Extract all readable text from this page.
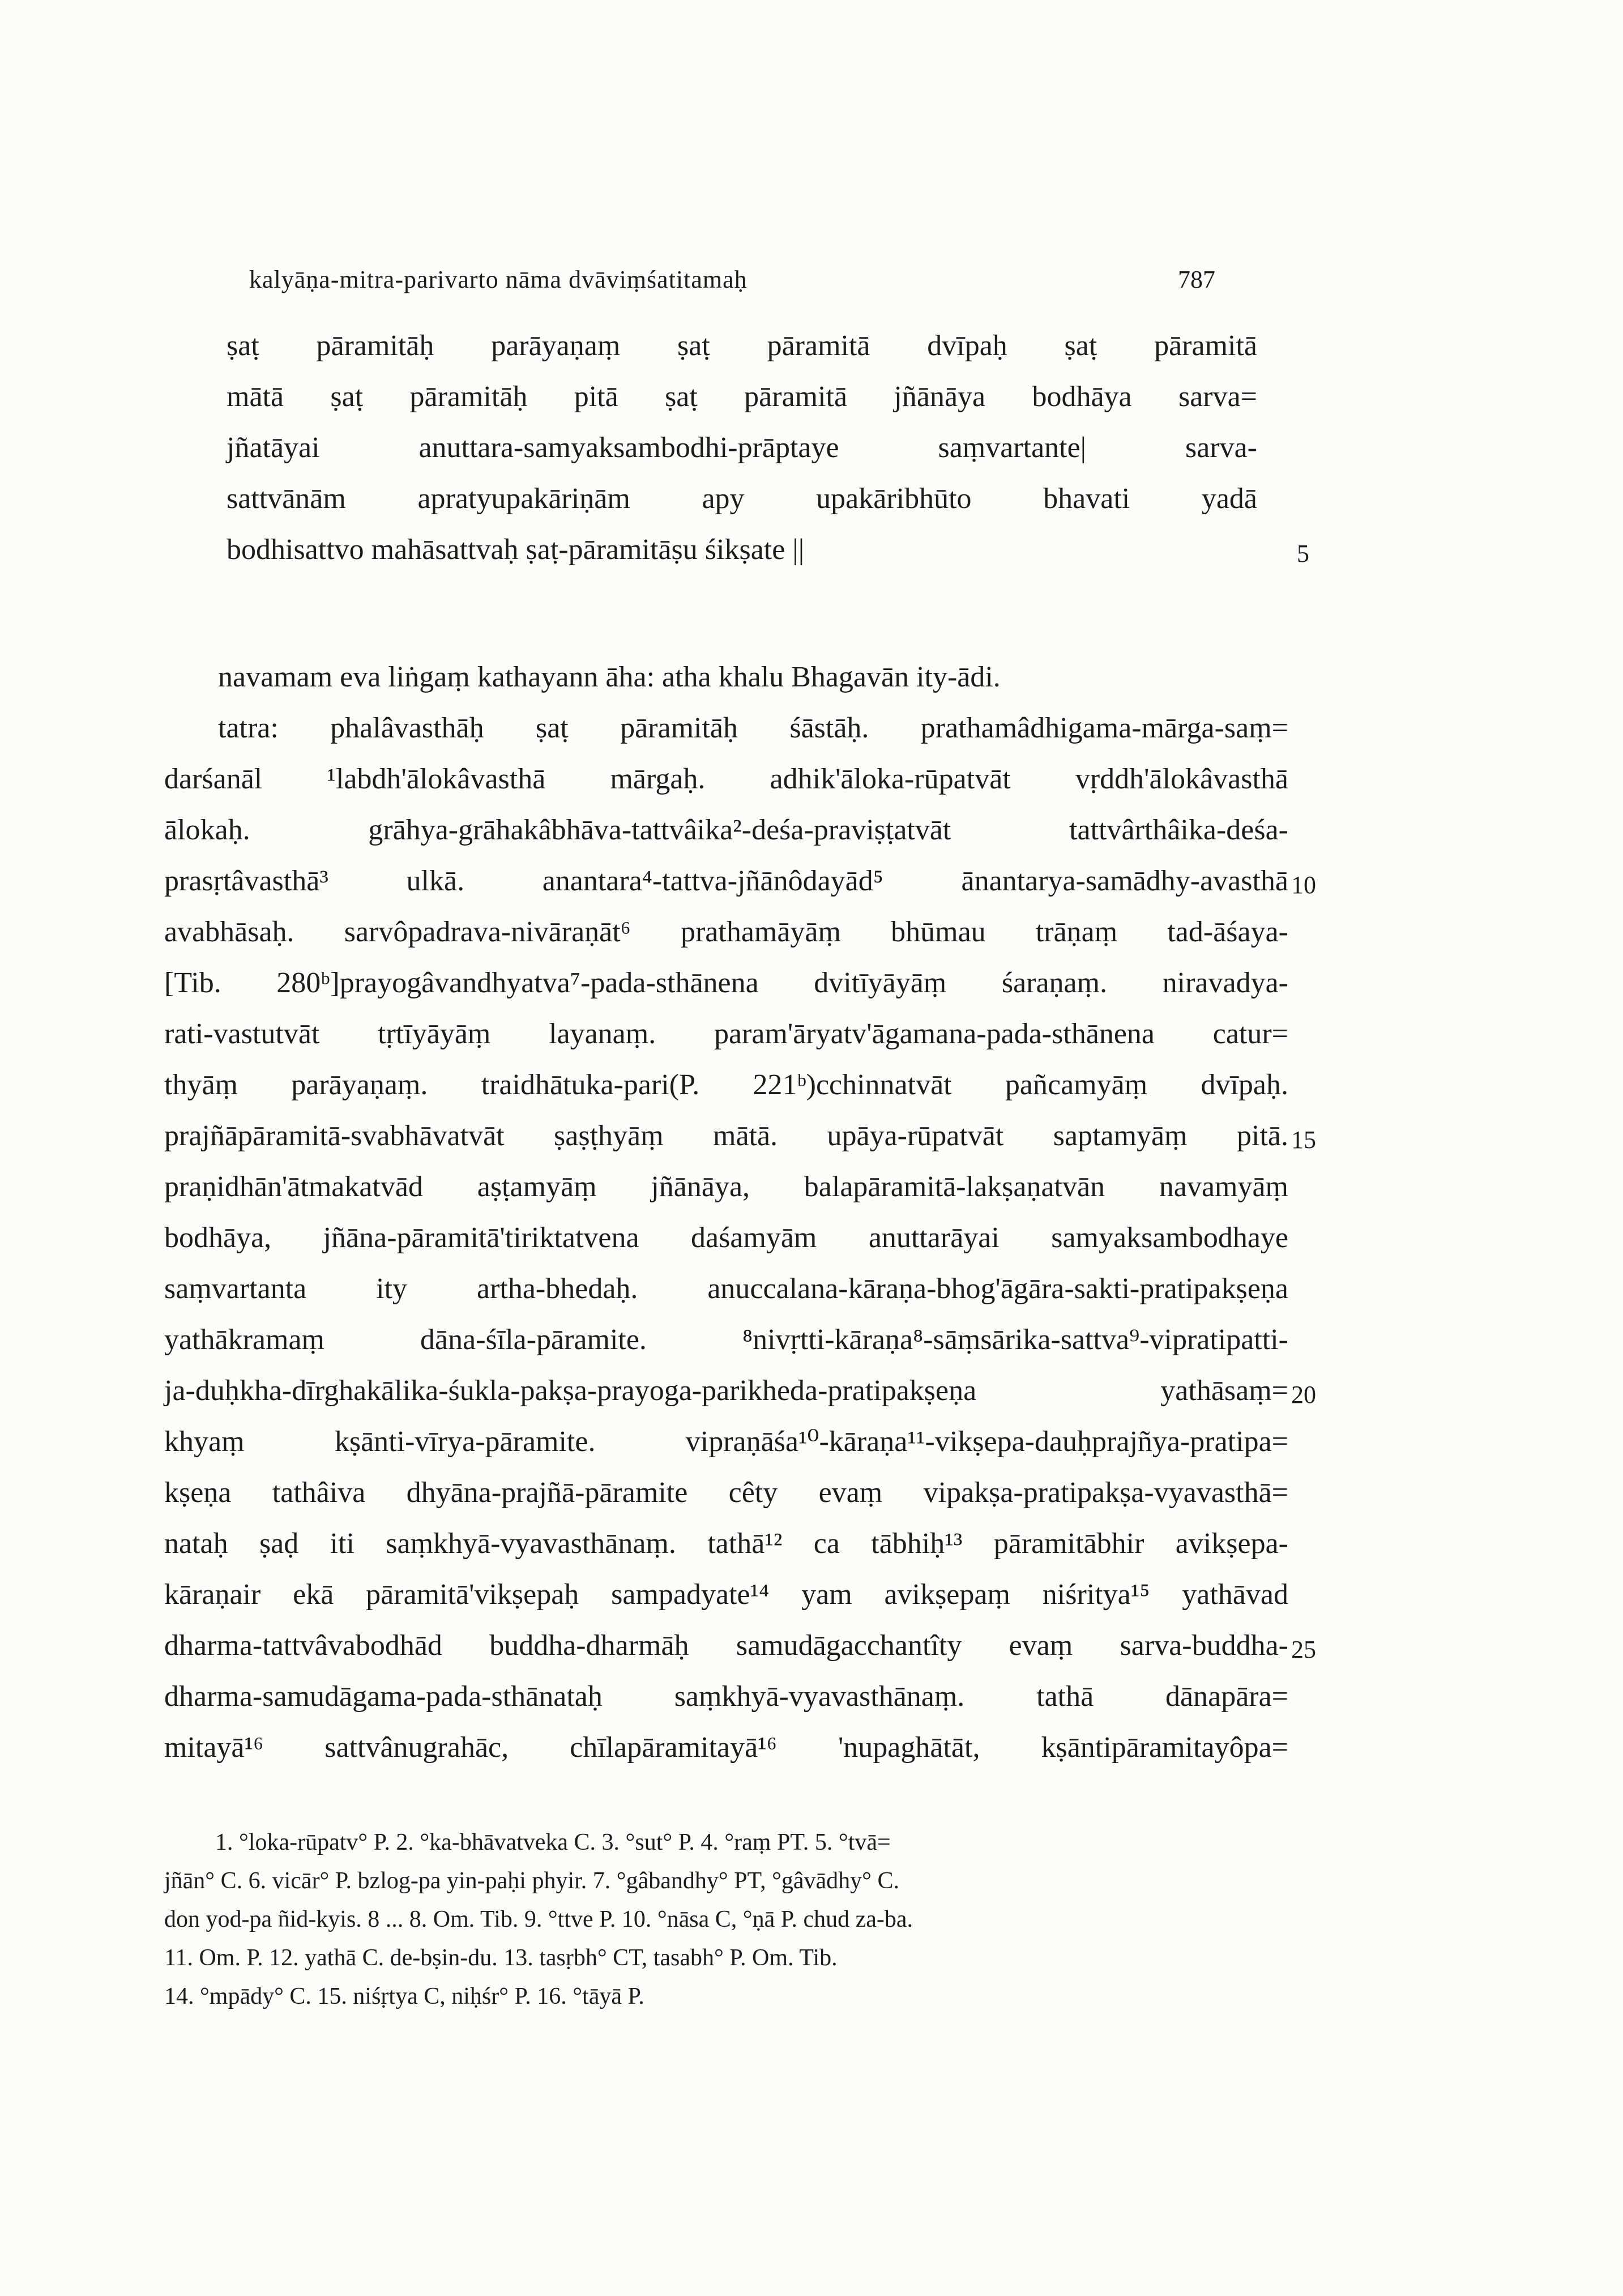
kalyāṇa-mitra-parivarto nāma dvāviṃśatitamaḥ	787
ṣaṭ pāramitāḥ parāyaṇaṃ ṣaṭ pāramitā dvīpaḥ ṣaṭ pāramitā
mātā ṣaṭ pāramitāḥ pitā ṣaṭ pāramitā jñānāya bodhāya sarva=
jñatāyai anuttara-samyaksambodhi-prāptaye saṃvartante| sarva-
sattvānām apratyupakāriṇām apy upakāribhūto bhavati yadā
bodhisattvo mahāsattvaḥ ṣaṭ-pāramitāṣu śikṣate ||	5
navamam eva liṅgaṃ kathayann āha: atha khalu Bhagavān ity-ādi.
tatra: phalâvasthāḥ ṣaṭ pāramitāḥ śāstāḥ. prathamâdhigama-mārga-saṃ=
darśanāl ¹labdh'ālokâvasthā mārgaḥ. adhik'āloka-rūpatvāt vṛddh'ālokâvasthā
ālokaḥ. grāhya-grāhakâbhāva-tattvâika²-deśa-praviṣṭatvāt tattvârthâika-deśa-
prasṛtâvasthā³ ulkā. anantara⁴-tattva-jñānôdayād⁵ ānantarya-samādhy-avasthā 10
avabhāsaḥ. sarvôpadrava-nivāraṇāt⁶ prathamāyāṃ bhūmau trāṇaṃ tad-āśaya-
[Tib. 280ᵇ]prayogâvandhyatva⁷-pada-sthānena dvitīyāyāṃ śaraṇaṃ. niravadya-
rati-vastutvāt tṛtīyāyāṃ layanaṃ. param'āryatv'āgamana-pada-sthānena catur=
thyāṃ parāyaṇaṃ. traidhātuka-pari(P. 221ᵇ)cchinnatvāt pañcamyāṃ dvīpaḥ.
prajñāpāramitā-svabhāvatvāt ṣaṣṭhyāṃ mātā. upāya-rūpatvāt saptamyāṃ pitā. 15
praṇidhān'ātmakatvād aṣṭamyāṃ jñānāya, balapāramitā-lakṣaṇatvān navamyāṃ
bodhāya, jñāna-pāramitā'tiriktatvena daśamyām anuttarāyai samyaksambodhaye
saṃvartanta ity artha-bhedaḥ. anuccalana-kāraṇa-bhog'āgāra-sakti-pratipakṣeṇa
yathākramaṃ dāna-śīla-pāramite. ⁸nivṛtti-kāraṇa⁸-sāṃsārika-sattva⁹-vipratipatti-
ja-duḥkha-dīrghakālika-śukla-pakṣa-prayoga-parikheda-pratipakṣeṇa yathāsaṃ= 20
khyaṃ kṣānti-vīrya-pāramite. vipraṇāśa¹⁰-kāraṇa¹¹-vikṣepa-dauḥprajñya-pratipa=
kṣeṇa tathâiva dhyāna-prajñā-pāramite cêty evaṃ vipakṣa-pratipakṣa-vyavasthā=
nataḥ ṣaḍ iti saṃkhyā-vyavasthānaṃ. tathā¹² ca tābhiḥ¹³ pāramitābhir avikṣepa-
kāraṇair ekā pāramitā'vikṣepaḥ sampadyate¹⁴ yam avikṣepaṃ niśritya¹⁵ yathāvad
dharma-tattvâvabodhād buddha-dharmāḥ samudāgacchantîty evaṃ sarva-buddha- 25
dharma-samudāgama-pada-sthānataḥ saṃkhyā-vyavasthānaṃ. tathā dānapāra=
mitayā¹⁶ sattvânugrahāc, chīlapāramitayā¹⁶ 'nupaghātāt, kṣāntipāramitayôpa=
1. °loka-rūpatv° P. 2. °ka-bhāvatveka C. 3. °sut° P. 4. °raṃ PT. 5. °tvā=
jñān° C. 6. vicār° P. bzlog-pa yin-paḥi phyir. 7. °gâbandhy° PT, °gâvādhy° C.
don yod-pa ñid-kyis. 8 ... 8. Om. Tib. 9. °ttve P. 10. °nāsa C, °ṇā P. chud za-ba.
11. Om. P. 12. yathā C. de-bṣin-du. 13. tasṛbh° CT, tasabh° P. Om. Tib.
14. °mpādy° C. 15. niśṛtya C, niḥśr° P. 16. °tāyā P.
